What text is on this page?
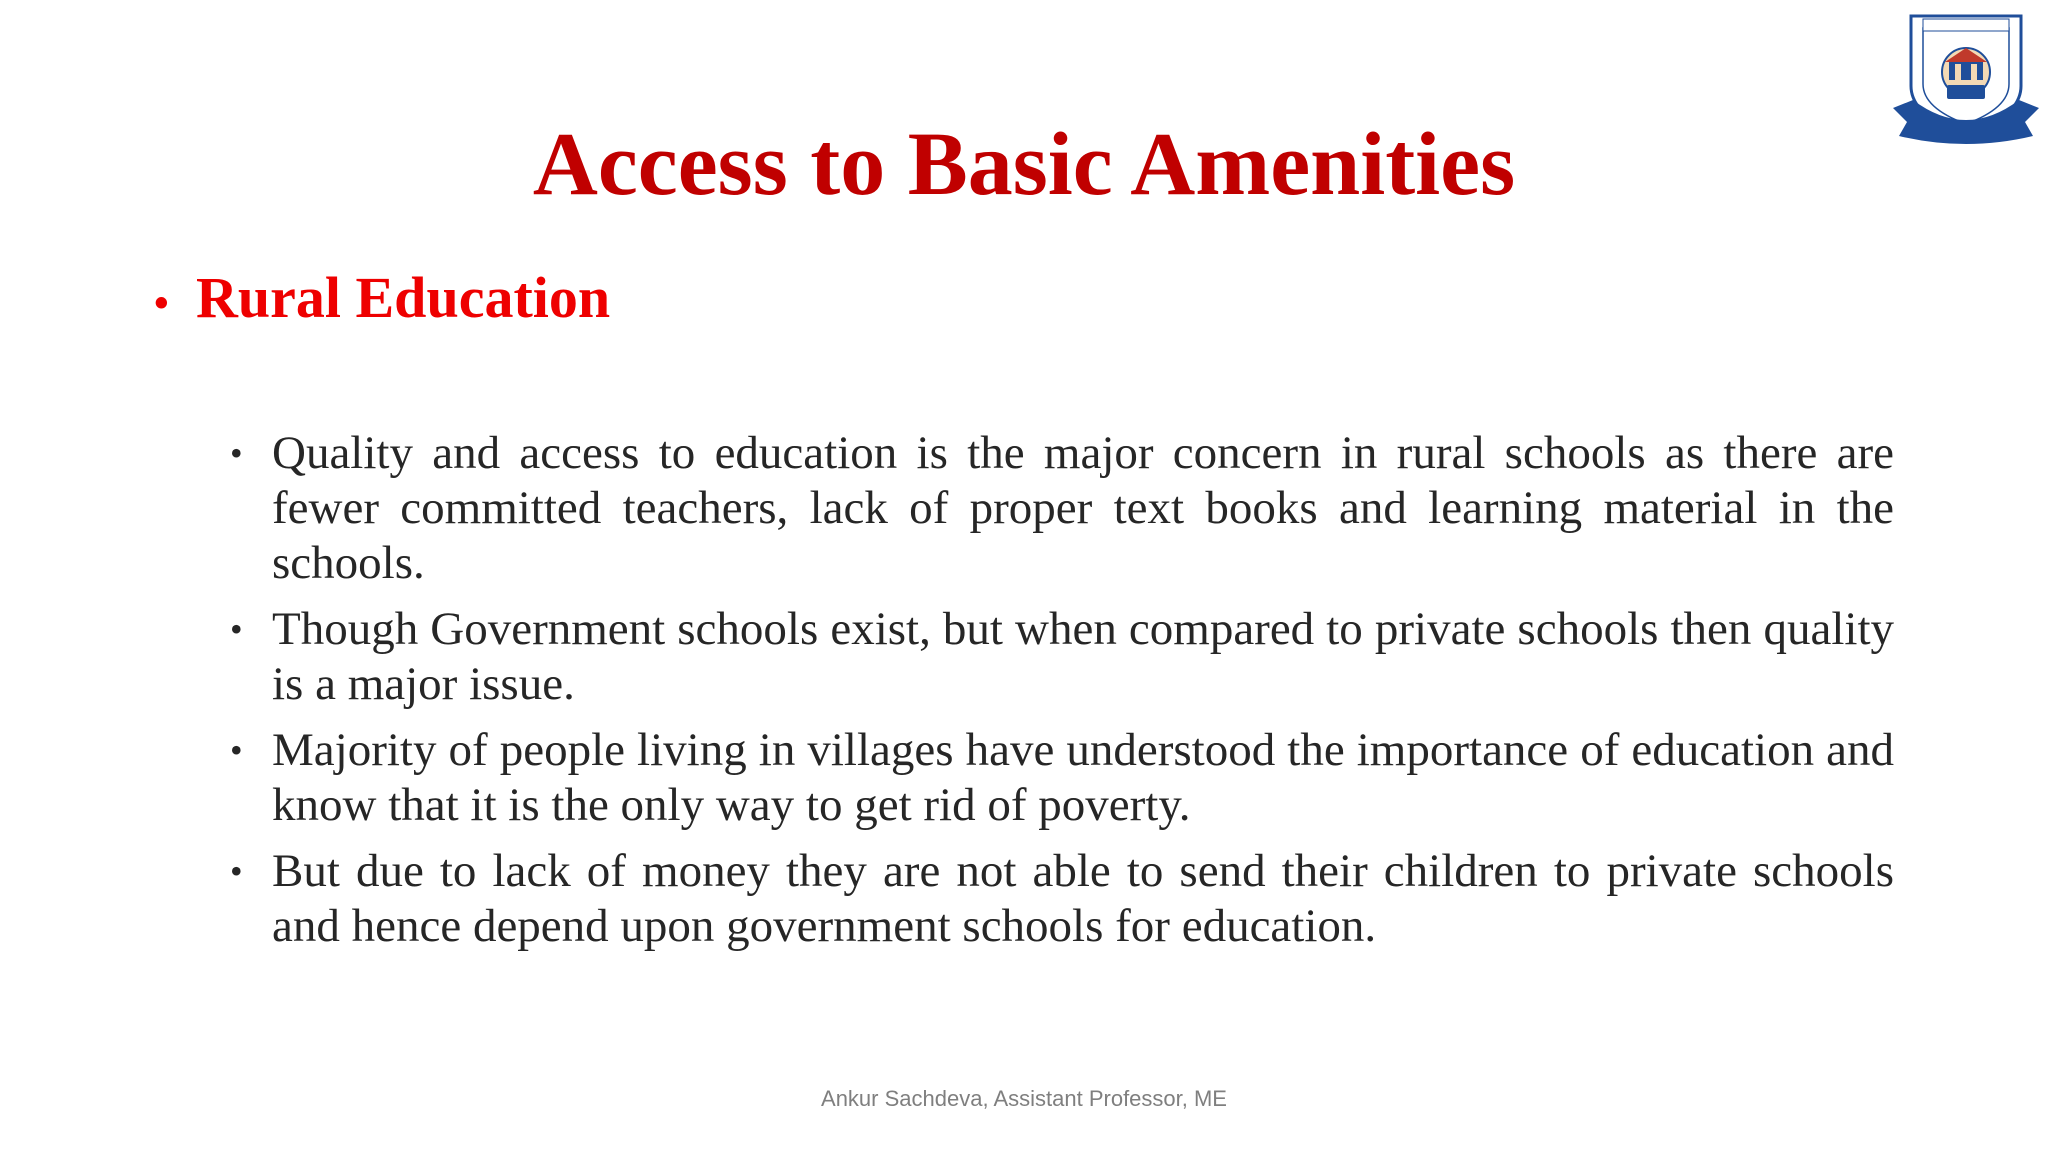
Access to Basic Amenities
• Rural Education
• Quality and access to education is the major concern in rural schools as there are fewer committed teachers, lack of proper text books and learning material in the schools.
• Though Government schools exist, but when compared to private schools then quality is a major issue.
• Majority of people living in villages have understood the importance of education and know that it is the only way to get rid of poverty.
• But due to lack of money they are not able to send their children to private schools and hence depend upon government schools for education.
Ankur Sachdeva, Assistant Professor, ME
